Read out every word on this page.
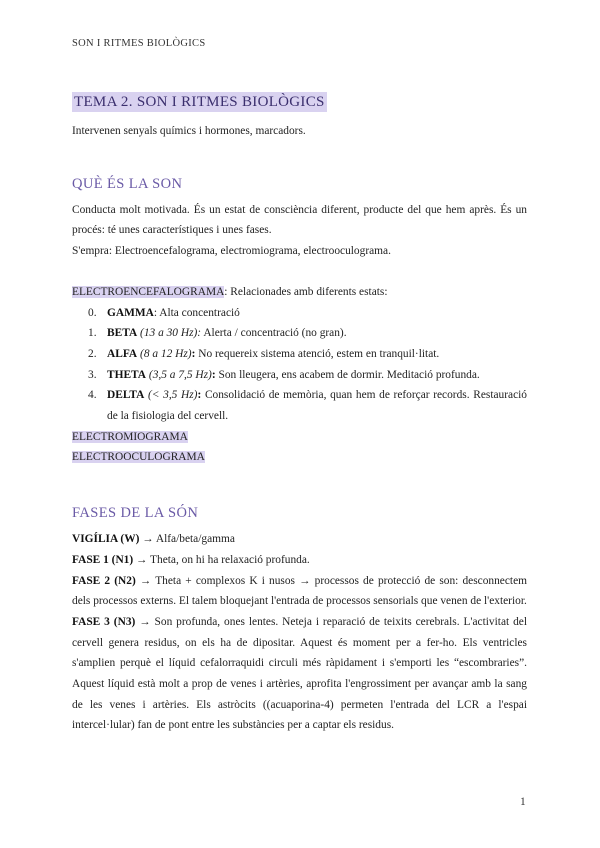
SON I RITMES BIOLÒGICS
TEMA 2. SON I RITMES BIOLÒGICS

Intervenen senyals químics i hormones, marcadors.

QUÈ ÉS LA SON

Conducta molt motivada. És un estat de consciència diferent, producte del que hem après. És un procés: té unes característiques i unes fases.

S'empra: Electroencefalograma, electromiograma, electrooculograma.

ELECTROENCEFALOGRAMA: Relacionades amb diferents estats:

0. GAMMA: Alta concentració
1. BETA (13 a 30 Hz): Alerta / concentració (no gran).
2. ALFA (8 a 12 Hz): No requereix sistema atenció, estem en tranquil·litat.
3. THETA (3,5 a 7,5 Hz): Son lleugera, ens acabem de dormir. Meditació profunda.
4. DELTA (< 3,5 Hz): Consolidació de memòria, quan hem de reforçar records. Restauració de la fisiologia del cervell.

ELECTROMIOGRAMA

ELECTROOCULOGRAMA

FASES DE LA SÓN

VIGÍLIA (W) → Alfa/beta/gamma

FASE 1 (N1) → Theta, on hi ha relaxació profunda.

FASE 2 (N2) → Theta + complexos K i nusos → processos de protecció de son: desconnectem dels processos externs. El talem bloquejant l'entrada de processos sensorials que venen de l'exterior.

FASE 3 (N3) → Son profunda, ones lentes. Neteja i reparació de teixits cerebrals. L'activitat del cervell genera residus, on els ha de dipositar. Aquest és moment per a fer-ho. Els ventricles s'amplien perquè el líquid cefalorraquidi circuli més ràpidament i s'emporti les “escombraries”. Aquest líquid està molt a prop de venes i artèries, aprofita l'engrossiment per avançar amb la sang de les venes i artèries. Els astròcits ((acuaporina-4) permeten l'entrada del LCR a l'espai intercel·lular) fan de pont entre les substàncies per a captar els residus.

1
